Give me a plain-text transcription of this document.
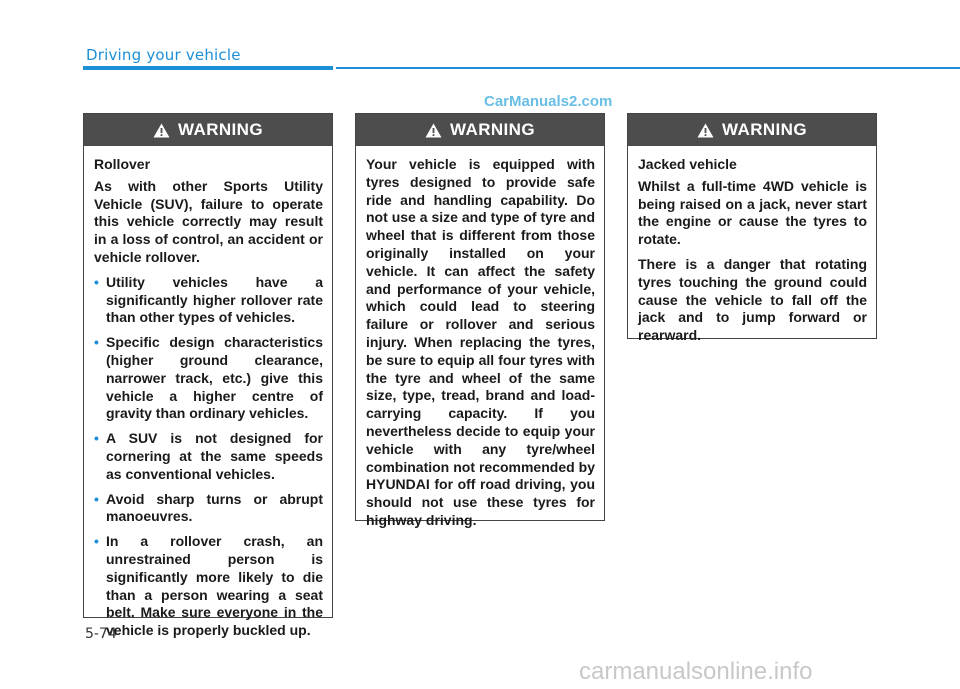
Driving your vehicle
CarManuals2.com
WARNING

Rollover

As with other Sports Utility Vehicle (SUV), failure to operate this vehicle correctly may result in a loss of control, an accident or vehicle rollover.

• Utility vehicles have a significantly higher rollover rate than other types of vehicles.
• Specific design characteristics (higher ground clearance, narrower track, etc.) give this vehicle a higher centre of gravity than ordinary vehicles.
• A SUV is not designed for cornering at the same speeds as conventional vehicles.
• Avoid sharp turns or abrupt manoeuvres.
• In a rollover crash, an unrestrained person is significantly more likely to die than a person wearing a seat belt. Make sure everyone in the vehicle is properly buckled up.
WARNING

Your vehicle is equipped with tyres designed to provide safe ride and handling capability. Do not use a size and type of tyre and wheel that is different from those originally installed on your vehicle. It can affect the safety and performance of your vehicle, which could lead to steering failure or rollover and serious injury. When replacing the tyres, be sure to equip all four tyres with the tyre and wheel of the same size, type, tread, brand and load-carrying capacity. If you nevertheless decide to equip your vehicle with any tyre/wheel combination not recommended by HYUNDAI for off road driving, you should not use these tyres for highway driving.

WARNING

Jacked vehicle

Whilst a full-time 4WD vehicle is being raised on a jack, never start the engine or cause the tyres to rotate.

There is a danger that rotating tyres touching the ground could cause the vehicle to fall off the jack and to jump forward or rearward.

5-74
carmanualsonline.info
